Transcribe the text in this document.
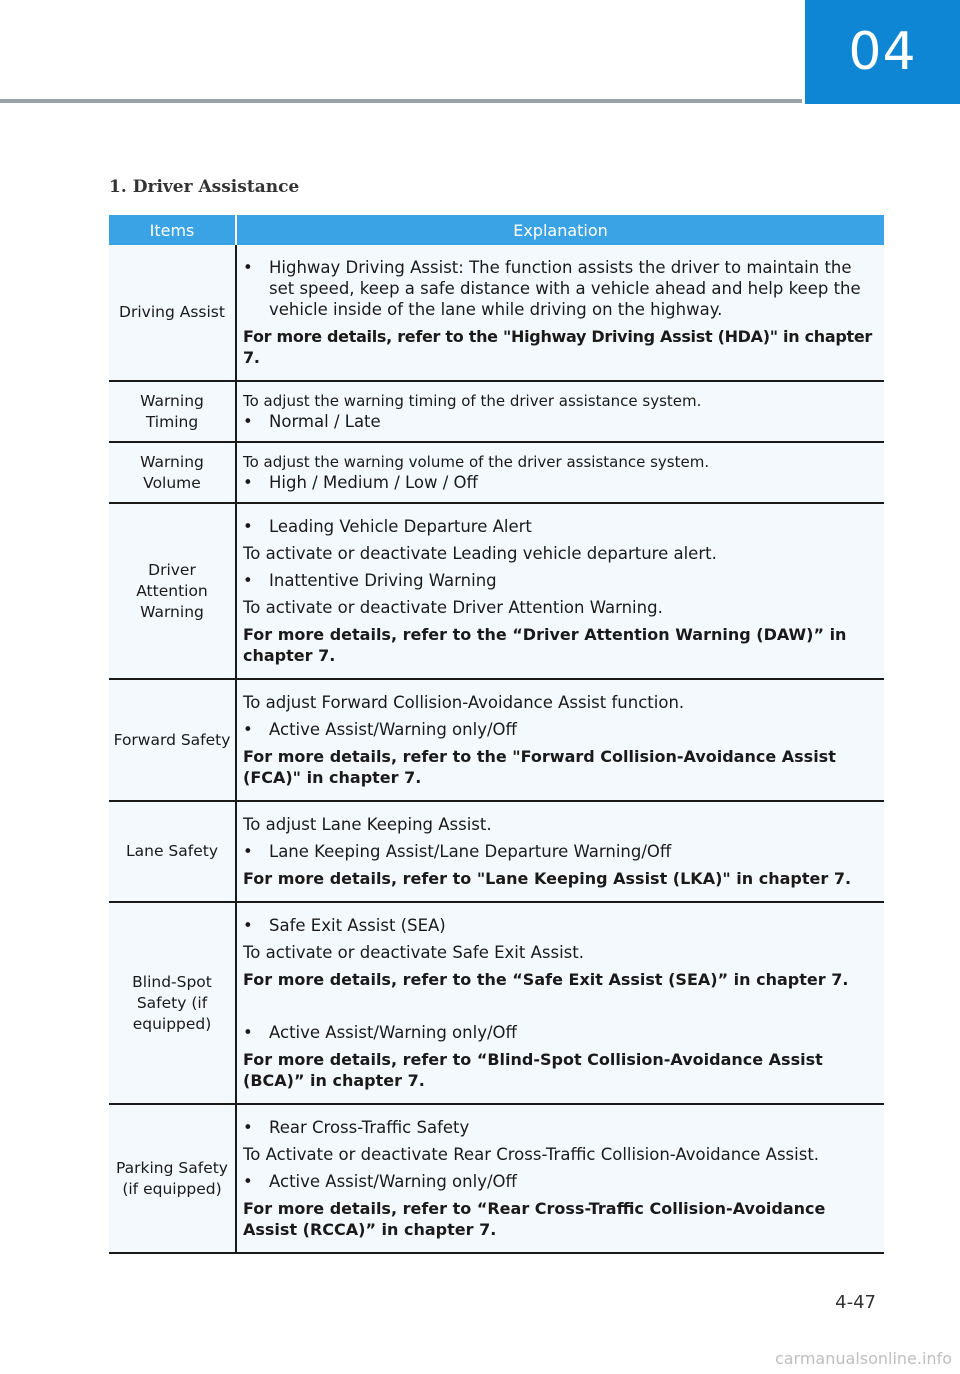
04
1. Driver Assistance
Items	Explanation
Driving Assist	• Highway Driving Assist: The function assists the driver to maintain the set speed, keep a safe distance with a vehicle ahead and help keep the vehicle inside of the lane while driving on the highway.
For more details, refer to the "Highway Driving Assist (HDA)" in chapter 7.

Warning Timing	To adjust the warning timing of the driver assistance system.
• Normal / Late

Warning Volume	To adjust the warning volume of the driver assistance system.
• High / Medium / Low / Off

Driver Attention Warning	• Leading Vehicle Departure Alert
To activate or deactivate Leading vehicle departure alert.
• Inattentive Driving Warning
To activate or deactivate Driver Attention Warning.
For more details, refer to the “Driver Attention Warning (DAW)” in chapter 7.

Forward Safety	To adjust Forward Collision-Avoidance Assist function.
• Active Assist/Warning only/Off
For more details, refer to the "Forward Collision-Avoidance Assist (FCA)" in chapter 7.

Lane Safety	To adjust Lane Keeping Assist.
• Lane Keeping Assist/Lane Departure Warning/Off
For more details, refer to "Lane Keeping Assist (LKA)" in chapter 7.

Blind-Spot Safety (if equipped)	• Safe Exit Assist (SEA)
To activate or deactivate Safe Exit Assist.
For more details, refer to the “Safe Exit Assist (SEA)” in chapter 7.
• Active Assist/Warning only/Off
For more details, refer to “Blind-Spot Collision-Avoidance Assist (BCA)” in chapter 7.

Parking Safety (if equipped)	• Rear Cross-Traffic Safety
To Activate or deactivate Rear Cross-Traffic Collision-Avoidance Assist.
• Active Assist/Warning only/Off
For more details, refer to “Rear Cross-Traffic Collision-Avoidance Assist (RCCA)” in chapter 7.
4-47
carmanualsonline.info
